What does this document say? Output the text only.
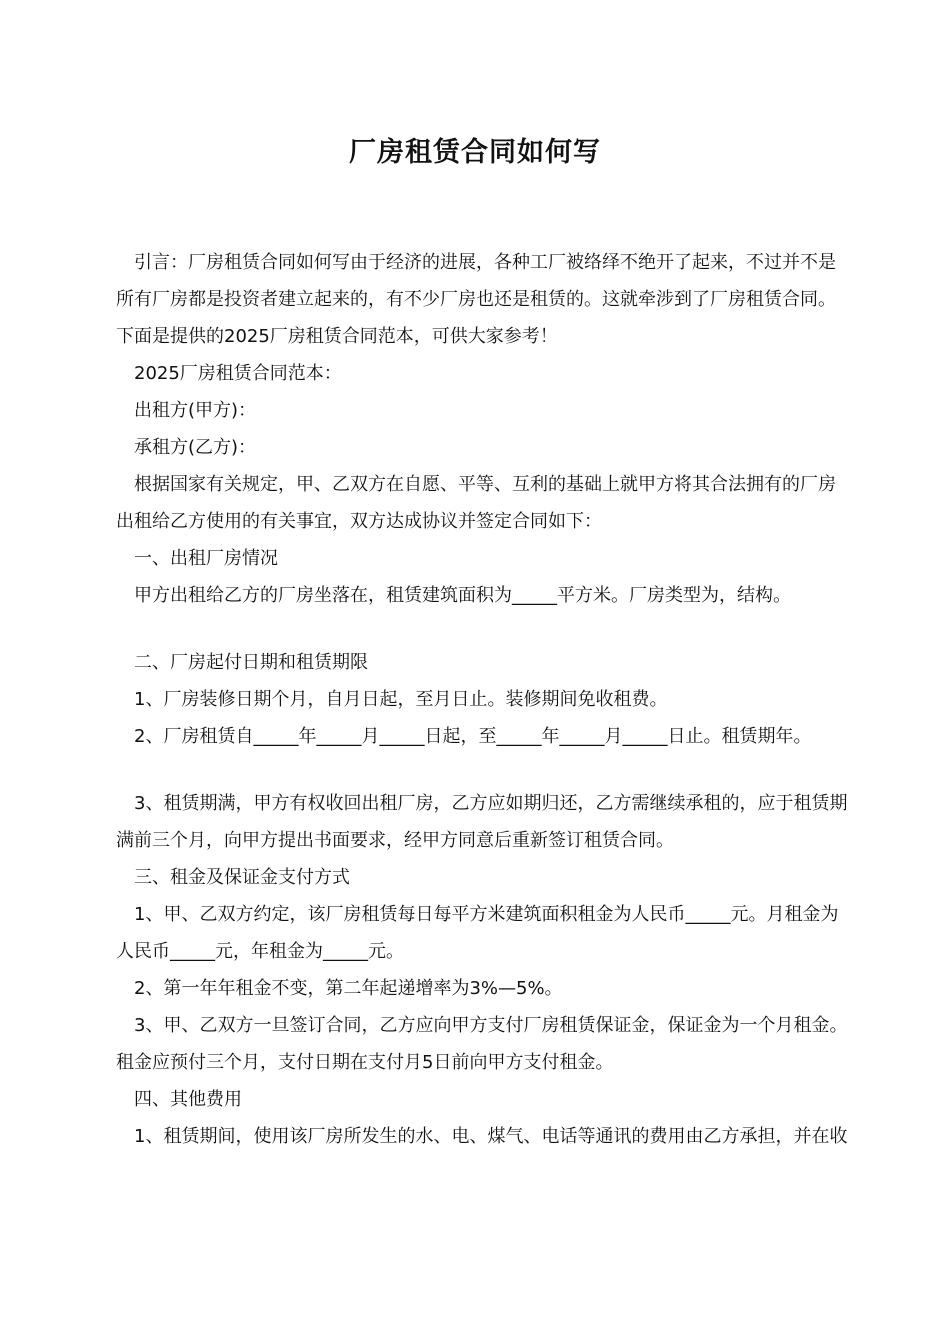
厂房租赁合同如何写

引言：厂房租赁合同如何写由于经济的进展，各种工厂被络绎不绝开了起来，不过并不是所有厂房都是投资者建立起来的，有不少厂房也还是租赁的。这就牵涉到了厂房租赁合同。下面是提供的2025厂房租赁合同范本，可供大家参考！

2025厂房租赁合同范本：

出租方(甲方)：

承租方(乙方)：

根据国家有关规定，甲、乙双方在自愿、平等、互利的基础上就甲方将其合法拥有的厂房出租给乙方使用的有关事宜，双方达成协议并签定合同如下：

一、出租厂房情况

甲方出租给乙方的厂房坐落在，租赁建筑面积为_____平方米。厂房类型为，结构。

二、厂房起付日期和租赁期限

1、厂房装修日期个月，自月日起，至月日止。装修期间免收租费。

2、厂房租赁自_____年_____月_____日起，至_____年_____月_____日止。租赁期年。

3、租赁期满，甲方有权收回出租厂房，乙方应如期归还，乙方需继续承租的，应于租赁期满前三个月，向甲方提出书面要求，经甲方同意后重新签订租赁合同。

三、租金及保证金支付方式

1、甲、乙双方约定，该厂房租赁每日每平方米建筑面积租金为人民币_____元。月租金为人民币_____元，年租金为_____元。

2、第一年年租金不变，第二年起递增率为3%—5%。

3、甲、乙双方一旦签订合同，乙方应向甲方支付厂房租赁保证金，保证金为一个月租金。租金应预付三个月，支付日期在支付月5日前向甲方支付租金。

四、其他费用

1、租赁期间，使用该厂房所发生的水、电、煤气、电话等通讯的费用由乙方承担，并在收
